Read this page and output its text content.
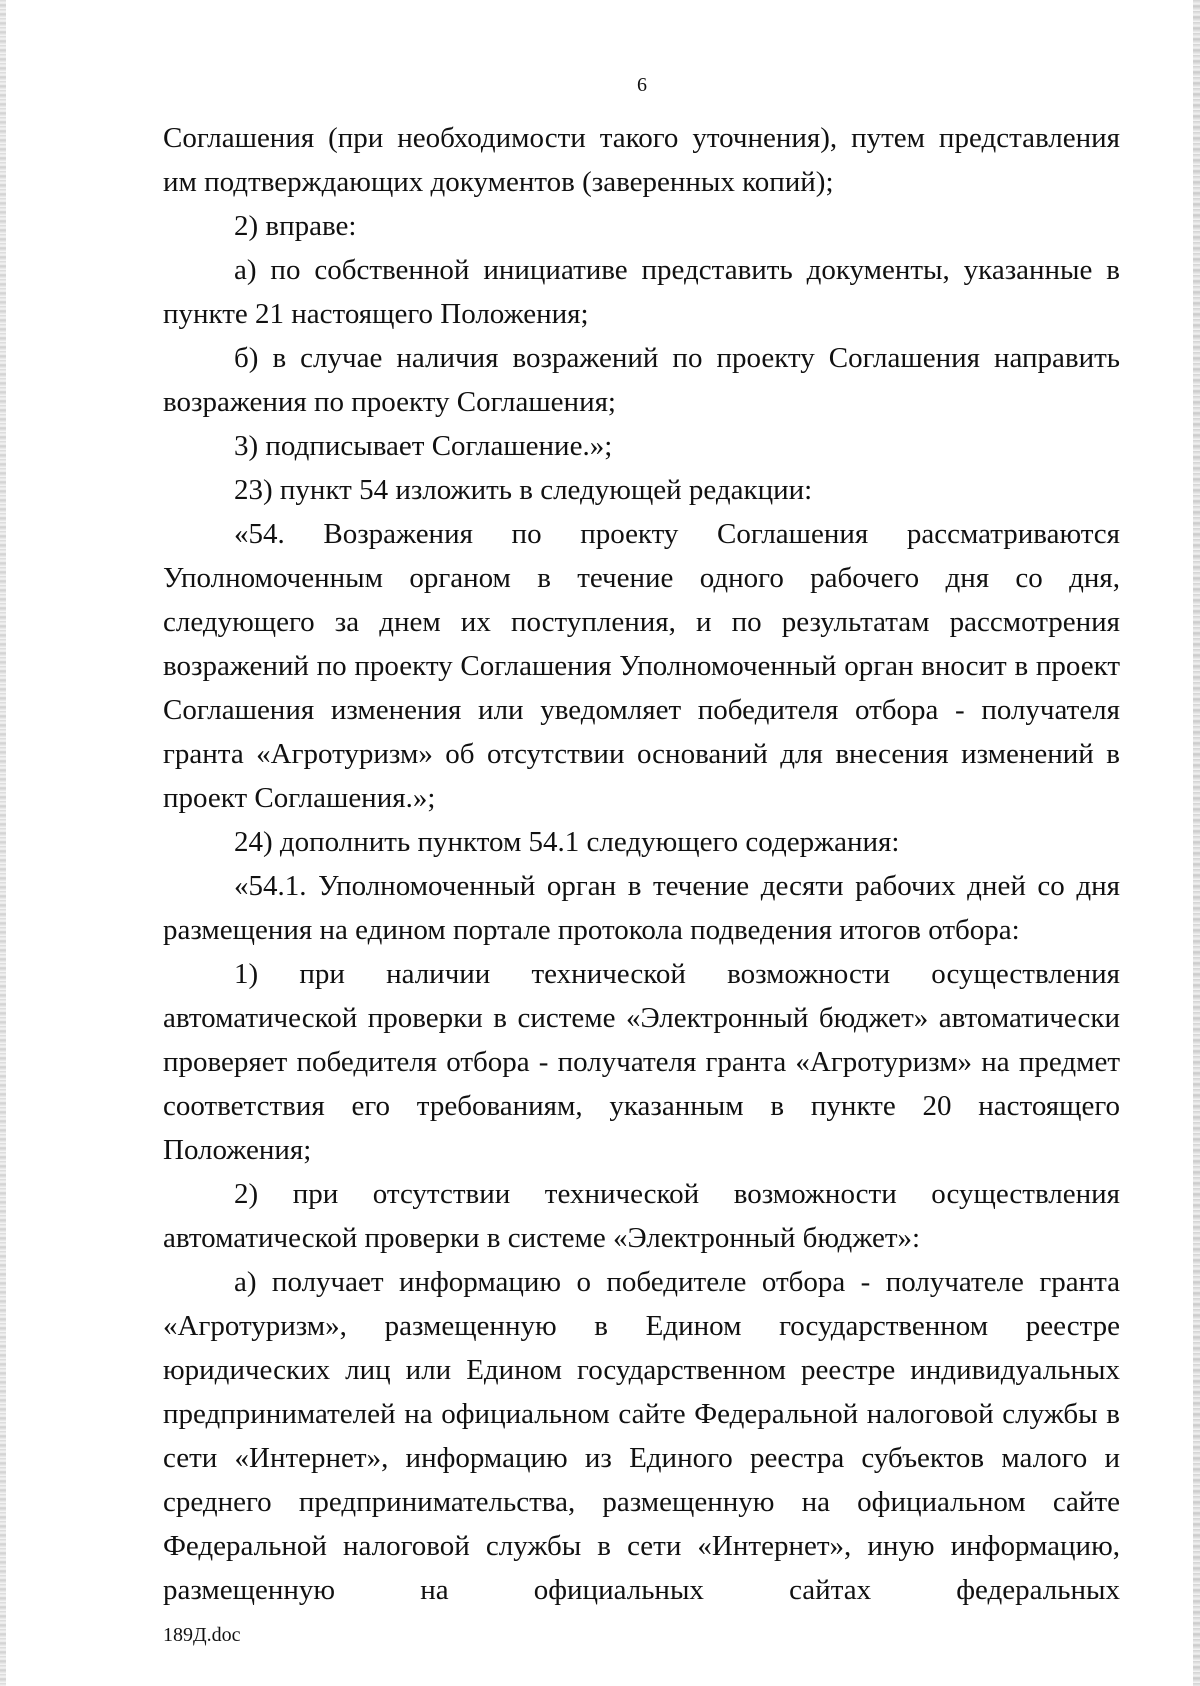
6

Соглашения (при необходимости такого уточнения), путем представления им подтверждающих документов (заверенных копий);

2) вправе:

а) по собственной инициативе представить документы, указанные в пункте 21 настоящего Положения;

б) в случае наличия возражений по проекту Соглашения направить возражения по проекту Соглашения;

3) подписывает Соглашение.»;

23) пункт 54 изложить в следующей редакции:

«54. Возражения по проекту Соглашения рассматриваются Уполномоченным органом в течение одного рабочего дня со дня, следующего за днем их поступления, и по результатам рассмотрения возражений по проекту Соглашения Уполномоченный орган вносит в проект Соглашения изменения или уведомляет победителя отбора - получателя гранта «Агротуризм» об отсутствии оснований для внесения изменений в проект Соглашения.»;

24) дополнить пунктом 54.1 следующего содержания:

«54.1. Уполномоченный орган в течение десяти рабочих дней со дня размещения на едином портале протокола подведения итогов отбора:

1) при наличии технической возможности осуществления автоматической проверки в системе «Электронный бюджет» автоматически проверяет победителя отбора - получателя гранта «Агротуризм» на предмет соответствия его требованиям, указанным в пункте 20 настоящего Положения;

2) при отсутствии технической возможности осуществления автоматической проверки в системе «Электронный бюджет»:

а) получает информацию о победителе отбора - получателе гранта «Агротуризм», размещенную в Едином государственном реестре юридических лиц или Едином государственном реестре индивидуальных предпринимателей на официальном сайте Федеральной налоговой службы в сети «Интернет», информацию из Единого реестра субъектов малого и среднего предпринимательства, размещенную на официальном сайте Федеральной налоговой службы в сети «Интернет», иную информацию, размещенную на официальных сайтах федеральных

189Д.doc
